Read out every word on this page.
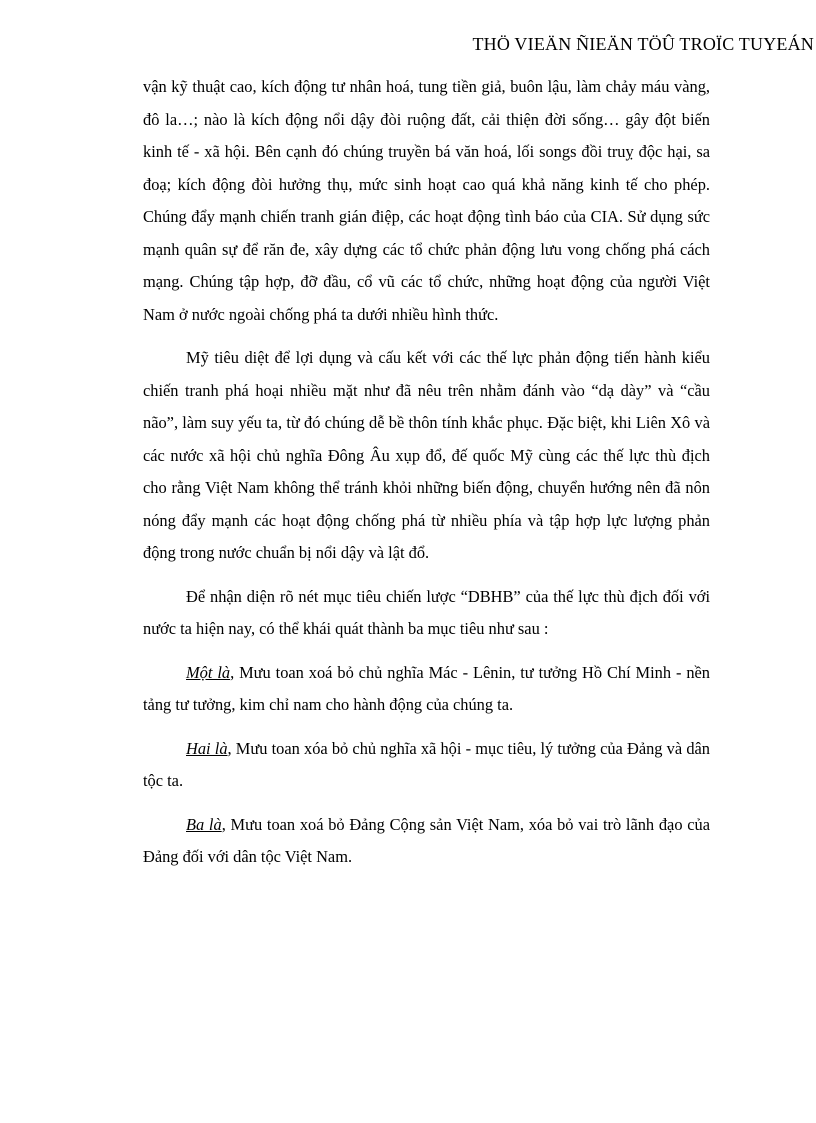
THÖ VIEÄN ÑIEÄN TÖÛ TROÏC TUYEÁN

vận kỹ thuật cao, kích động tư nhân hoá, tung tiền giả, buôn lậu, làm chảy máu vàng, đô la…; nào là kích động nổi dậy đòi ruộng đất, cải thiện đời sống… gây đột biến kinh tế - xã hội. Bên cạnh đó chúng truyền bá văn hoá, lối songs đồi truỵ độc hại, sa đoạ; kích động đòi hưởng thụ, mức sinh hoạt cao quá khả năng kinh tế cho phép. Chúng đẩy mạnh chiến tranh gián điệp, các hoạt động tình báo của CIA. Sử dụng sức mạnh quân sự để răn đe, xây dựng các tổ chức phản động lưu vong chống phá cách mạng. Chúng tập hợp, đỡ đầu, cổ vũ các tổ chức, những hoạt động của người Việt Nam ở nước ngoài chống phá ta dưới nhiều hình thức.

Mỹ tiêu diệt để lợi dụng và cấu kết với các thế lực phản động tiến hành kiểu chiến tranh phá hoại nhiều mặt như đã nêu trên nhằm đánh vào “dạ dày” và “cầu não”, làm suy yếu ta, từ đó chúng dễ bề thôn tính khắc phục. Đặc biệt, khi Liên Xô và các nước xã hội chủ nghĩa Đông Âu xụp đổ, đế quốc Mỹ cùng các thế lực thù địch cho rằng Việt Nam không thể tránh khỏi những biến động, chuyển hướng nên đã nôn nóng đẩy mạnh các hoạt động chống phá từ nhiều phía và tập hợp lực lượng phản động trong nước chuẩn bị nổi dậy và lật đổ.

Để nhận diện rõ nét mục tiêu chiến lược “DBHB” của thế lực thù địch đối với nước ta hiện nay, có thể khái quát thành ba mục tiêu như sau :

Một là, Mưu toan xoá bỏ chủ nghĩa Mác - Lênin, tư tưởng Hồ Chí Minh - nền tảng tư tưởng, kim chỉ nam cho hành động của chúng ta.

Hai là, Mưu toan xóa bỏ chủ nghĩa xã hội - mục tiêu, lý tưởng của Đảng và dân tộc ta.

Ba là, Mưu toan xoá bỏ Đảng Cộng sản Việt Nam, xóa bỏ vai trò lãnh đạo của Đảng đối với dân tộc Việt Nam.
